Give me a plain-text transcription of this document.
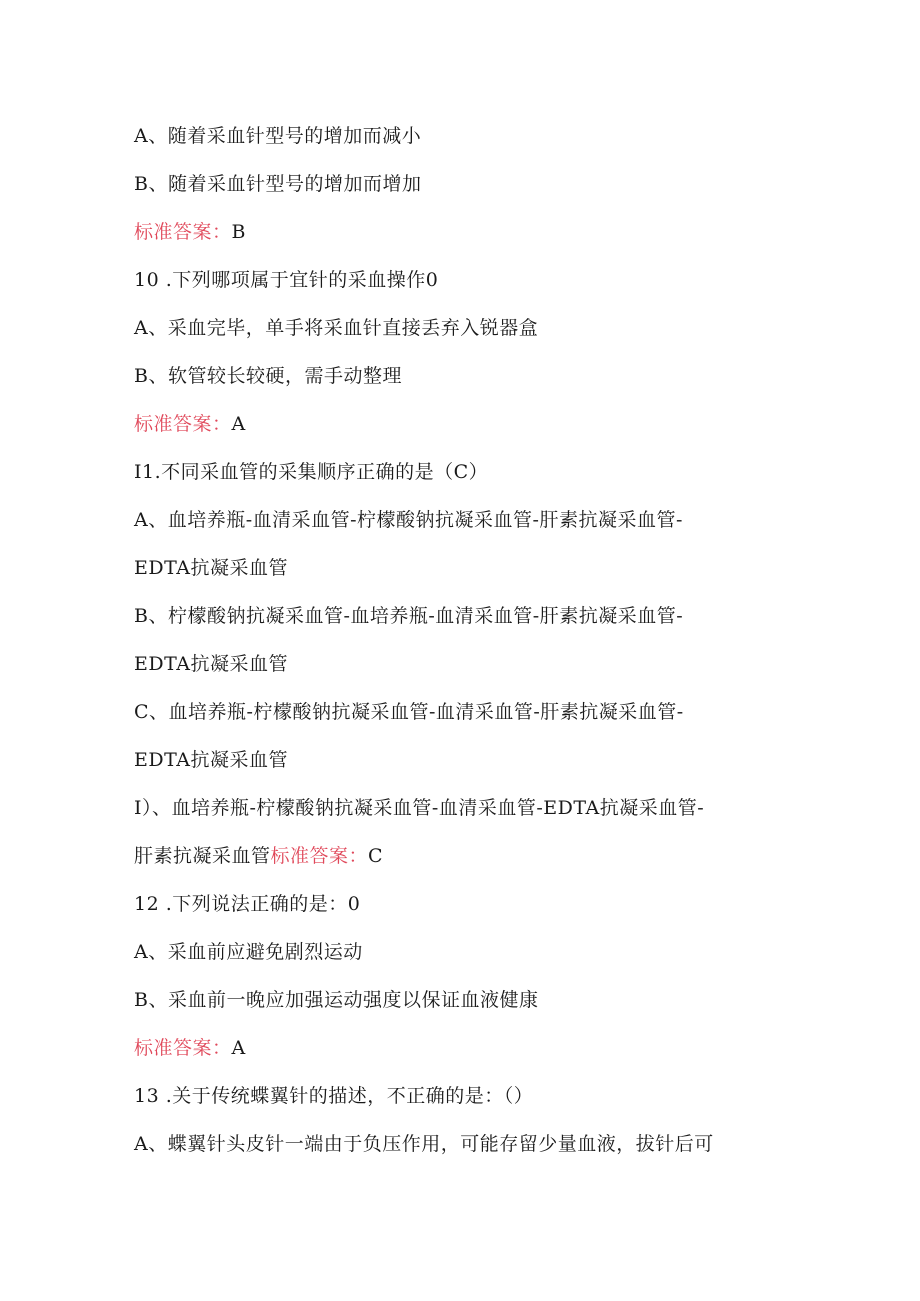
A、随着采血针型号的增加而减小
B、随着采血针型号的增加而增加
标准答案：B
10 .下列哪项属于宜针的采血操作0
A、采血完毕，单手将采血针直接丢弃入锐器盒
B、软管较长较硬，需手动整理
标准答案：A
I1.不同采血管的采集顺序正确的是（C）
A、血培养瓶-血清采血管-柠檬酸钠抗凝采血管-肝素抗凝采血管-
EDTA抗凝采血管
B、柠檬酸钠抗凝采血管-血培养瓶-血清采血管-肝素抗凝采血管-
EDTA抗凝采血管
C、血培养瓶-柠檬酸钠抗凝采血管-血清采血管-肝素抗凝采血管-
EDTA抗凝采血管
I）、血培养瓶-柠檬酸钠抗凝采血管-血清采血管-EDTA抗凝采血管-
肝素抗凝采血管标准答案：C
12 .下列说法正确的是：0
A、采血前应避免剧烈运动
B、采血前一晚应加强运动强度以保证血液健康
标准答案：A
13 .关于传统蝶翼针的描述，不正确的是：（）
A、蝶翼针头皮针一端由于负压作用，可能存留少量血液，拔针后可
